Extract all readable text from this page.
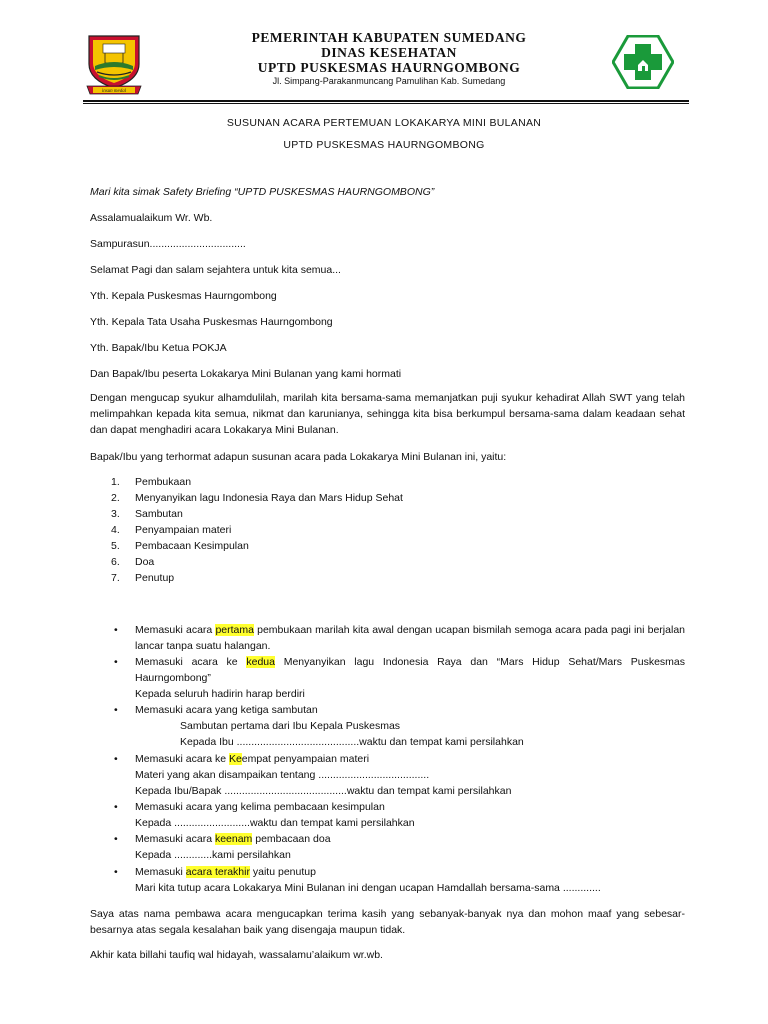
insun medal
PEMERINTAH KABUPATEN SUMEDANG
DINAS KESEHATAN
UPTD PUSKESMAS HAURNGOMBONG
Jl. Simpang-Parakanmuncang Pamulihan Kab. Sumedang
SUSUNAN ACARA PERTEMUAN LOKAKARYA MINI BULANAN
UPTD PUSKESMAS HAURNGOMBONG
Mari kita simak Safety Briefing “UPTD PUSKESMAS HAURNGOMBONG”
Assalamualaikum Wr. Wb.
Sampurasun.................................
Selamat Pagi dan salam sejahtera untuk kita semua...
Yth. Kepala Puskesmas Haurngombong
Yth. Kepala Tata Usaha Puskesmas Haurngombong
Yth. Bapak/Ibu Ketua POKJA
Dan Bapak/Ibu peserta Lokakarya Mini Bulanan yang kami hormati
Dengan mengucap syukur alhamdulilah, marilah kita bersama-sama memanjatkan puji syukur kehadirat Allah SWT yang telah melimpahkan kepada kita semua, nikmat dan karunianya, sehingga kita bisa berkumpul bersama-sama dalam keadaan sehat dan dapat menghadiri acara Lokakarya Mini Bulanan.
Bapak/Ibu yang terhormat adapun susunan acara pada Lokakarya Mini Bulanan ini, yaitu:
1. Pembukaan
2. Menyanyikan lagu Indonesia Raya dan Mars Hidup Sehat
3. Sambutan
4. Penyampaian materi
5. Pembacaan Kesimpulan
6. Doa
7. Penutup
• Memasuki acara pertama pembukaan marilah kita awal dengan ucapan bismilah semoga acara pada pagi ini berjalan lancar tanpa suatu halangan.
• Memasuki acara ke kedua Menyanyikan lagu Indonesia Raya dan “Mars Hidup Sehat/Mars Puskesmas Haurngombong”
Kepada seluruh hadirin harap berdiri
• Memasuki acara yang ketiga sambutan
Sambutan pertama dari Ibu Kepala Puskesmas
Kepada Ibu ..........................................waktu dan tempat kami persilahkan
• Memasuki acara ke Keempat penyampaian materi
Materi yang akan disampaikan tentang ......................................
Kepada Ibu/Bapak ..........................................waktu dan tempat kami persilahkan
• Memasuki acara yang kelima pembacaan kesimpulan
Kepada ..........................waktu dan tempat kami persilahkan
• Memasuki acara keenam pembacaan doa
Kepada .............kami persilahkan
• Memasuki acara terakhir yaitu penutup
Mari kita tutup acara Lokakarya Mini Bulanan ini dengan ucapan Hamdallah bersama-sama .............
Saya atas nama pembawa acara mengucapkan terima kasih yang sebanyak-banyak nya dan mohon maaf yang sebesar-besarnya atas segala kesalahan baik yang disengaja maupun tidak.
Akhir kata billahi taufiq wal hidayah, wassalamu’alaikum wr.wb.
